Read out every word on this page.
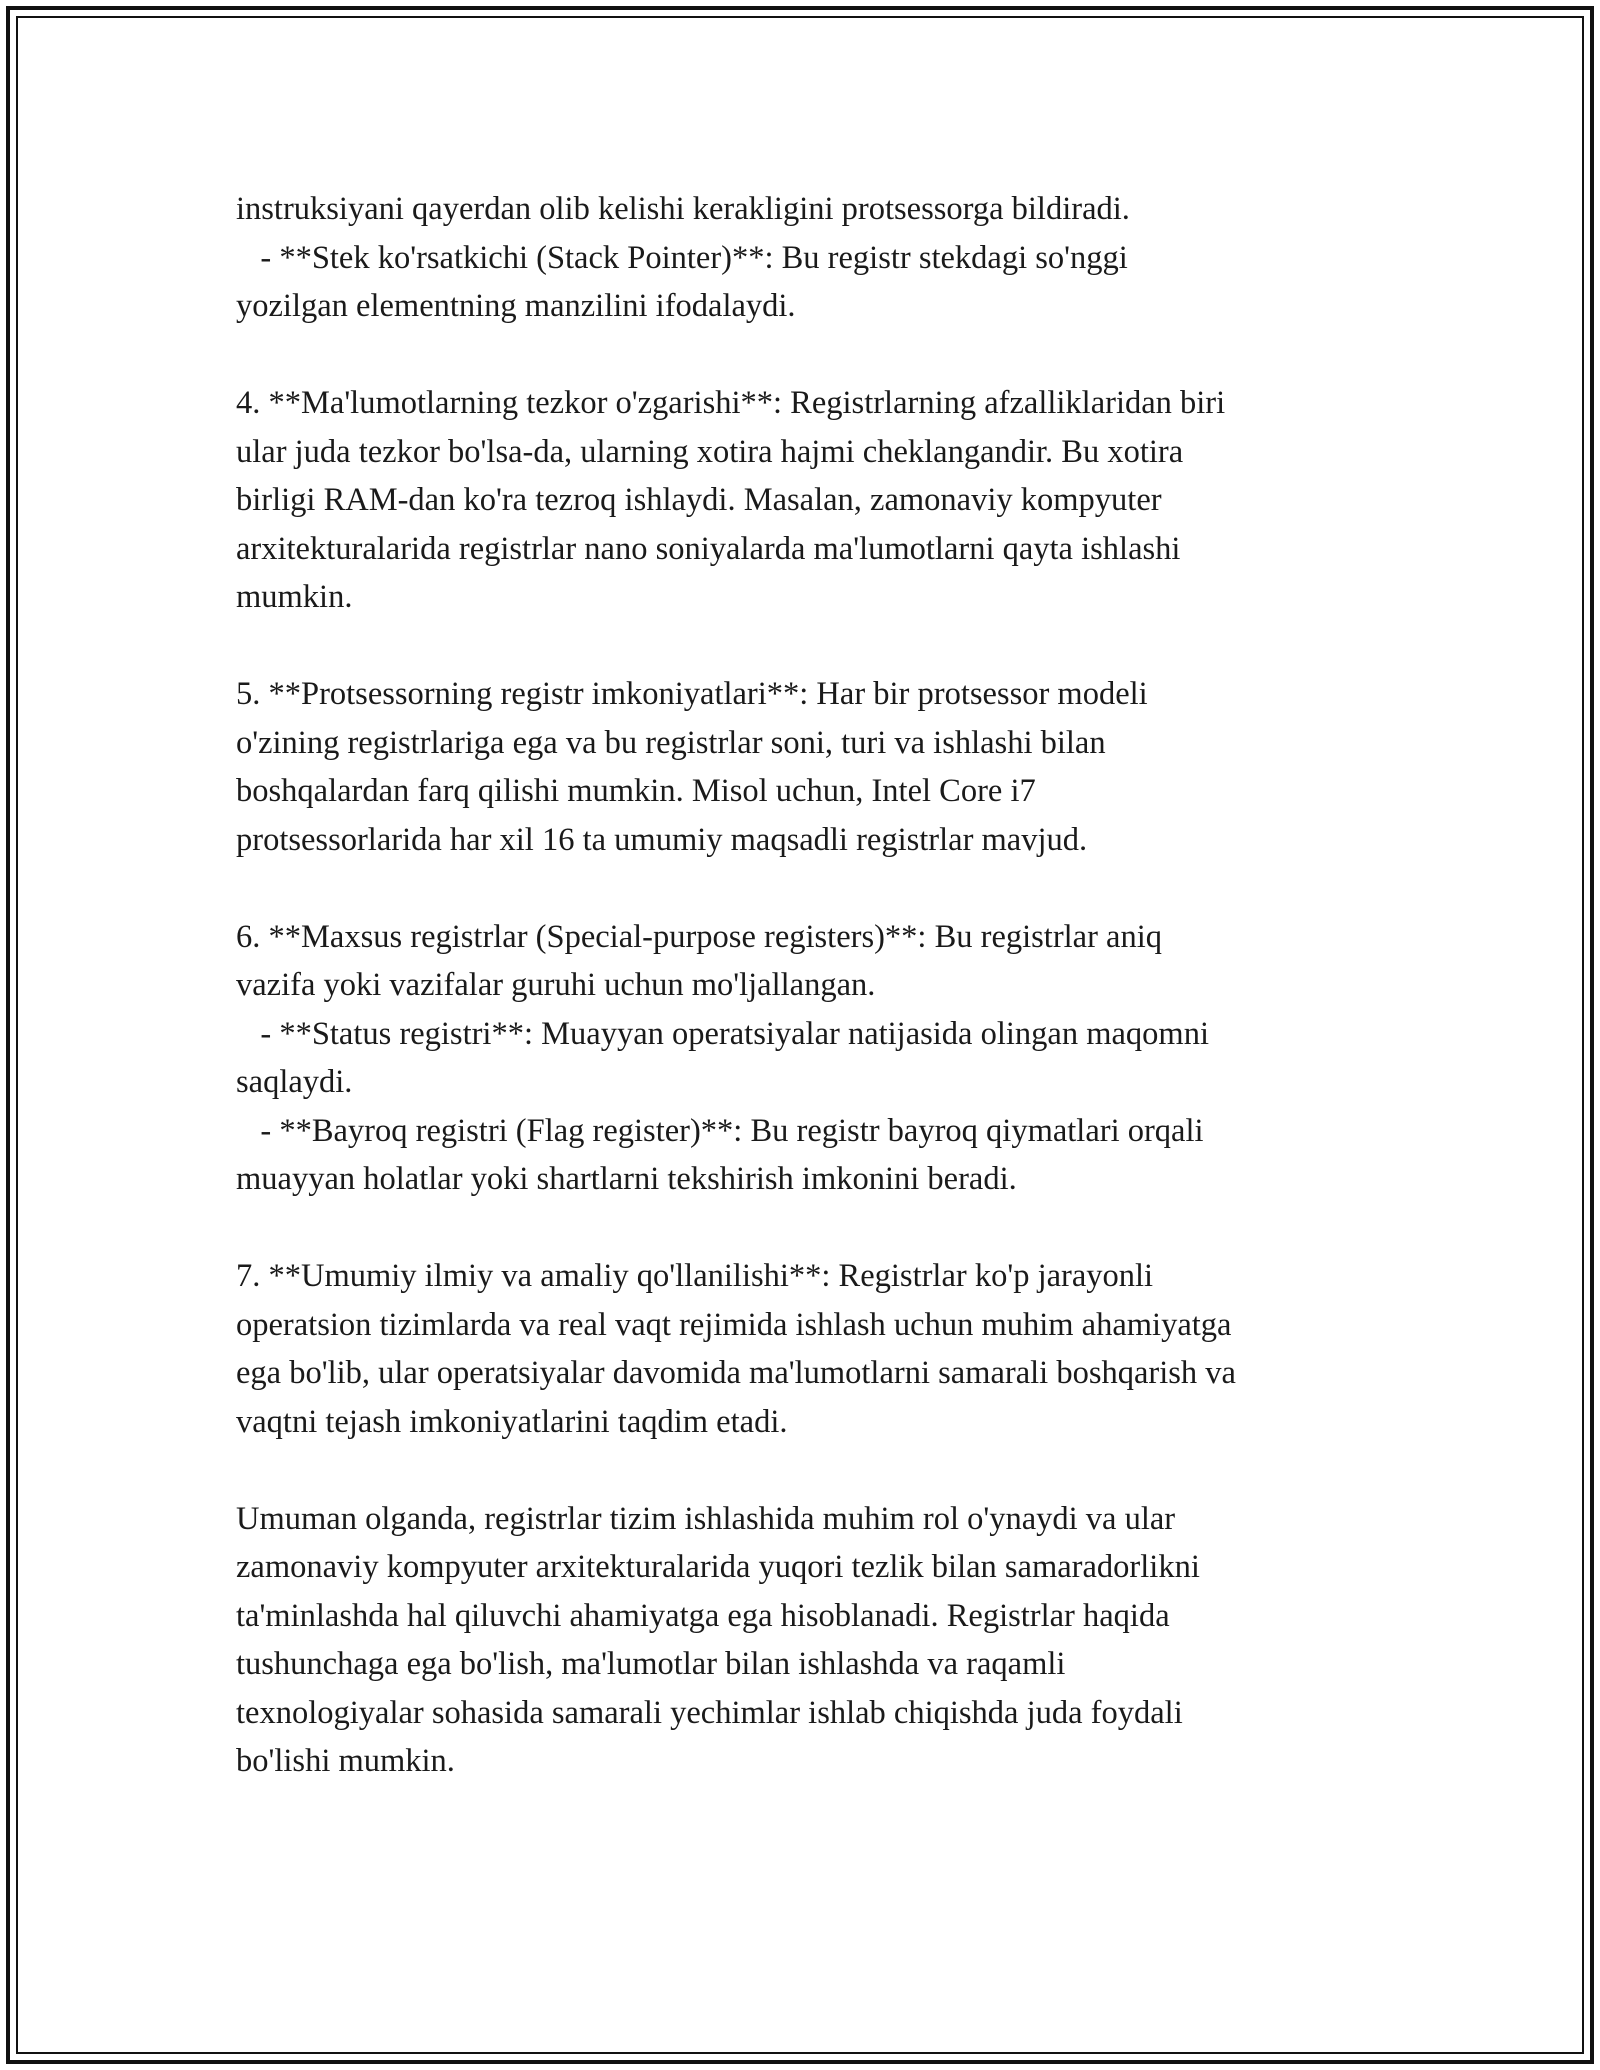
instruksiyani qayerdan olib kelishi kerakligini protsessorga bildiradi.

- **Stek ko'rsatkichi (Stack Pointer)**: Bu registr stekdagi so'nggi

yozilgan elementning manzilini ifodalaydi.

4. **Ma'lumotlarning tezkor o'zgarishi**: Registrlarning afzalliklaridan biri

ular juda tezkor bo'lsa-da, ularning xotira hajmi cheklangandir. Bu xotira

birligi RAM-dan ko'ra tezroq ishlaydi. Masalan, zamonaviy kompyuter

arxitekturalarida registrlar nano soniyalarda ma'lumotlarni qayta ishlashi

mumkin.

5. **Protsessorning registr imkoniyatlari**: Har bir protsessor modeli

o'zining registrlariga ega va bu registrlar soni, turi va ishlashi bilan

boshqalardan farq qilishi mumkin. Misol uchun, Intel Core i7

protsessorlarida har xil 16 ta umumiy maqsadli registrlar mavjud.

6. **Maxsus registrlar (Special-purpose registers)**: Bu registrlar aniq

vazifa yoki vazifalar guruhi uchun mo'ljallangan.

- **Status registri**: Muayyan operatsiyalar natijasida olingan maqomni

saqlaydi.

- **Bayroq registri (Flag register)**: Bu registr bayroq qiymatlari orqali

muayyan holatlar yoki shartlarni tekshirish imkonini beradi.

7. **Umumiy ilmiy va amaliy qo'llanilishi**: Registrlar ko'p jarayonli

operatsion tizimlarda va real vaqt rejimida ishlash uchun muhim ahamiyatga

ega bo'lib, ular operatsiyalar davomida ma'lumotlarni samarali boshqarish va

vaqtni tejash imkoniyatlarini taqdim etadi.

Umuman olganda, registrlar tizim ishlashida muhim rol o'ynaydi va ular

zamonaviy kompyuter arxitekturalarida yuqori tezlik bilan samaradorlikni

ta'minlashda hal qiluvchi ahamiyatga ega hisoblanadi. Registrlar haqida

tushunchaga ega bo'lish, ma'lumotlar bilan ishlashda va raqamli

texnologiyalar sohasida samarali yechimlar ishlab chiqishda juda foydali

bo'lishi mumkin.
